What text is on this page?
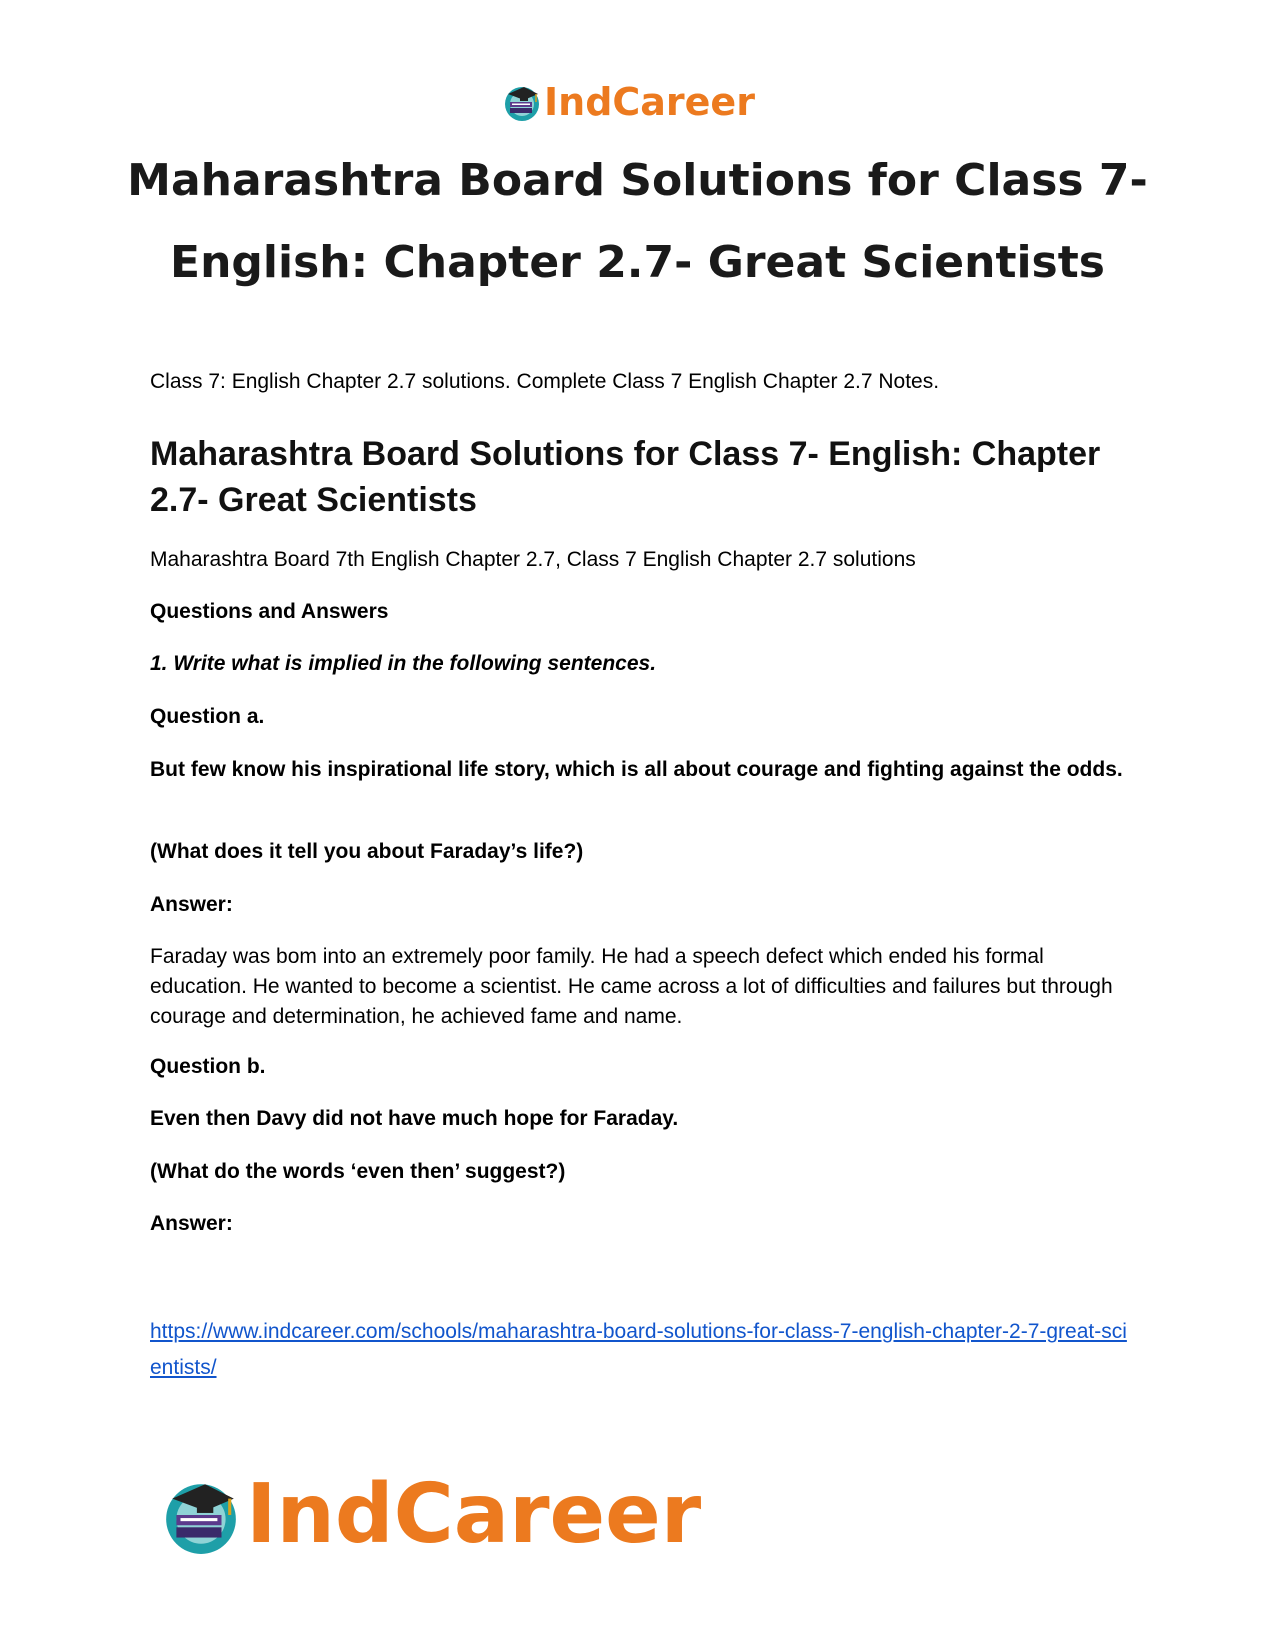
IndCareer
Maharashtra Board Solutions for Class 7- English: Chapter 2.7- Great Scientists

Class 7: English Chapter 2.7 solutions. Complete Class 7 English Chapter 2.7 Notes.

Maharashtra Board Solutions for Class 7- English: Chapter 2.7- Great Scientists

Maharashtra Board 7th English Chapter 2.7, Class 7 English Chapter 2.7 solutions

Questions and Answers

1. Write what is implied in the following sentences.

Question a.

But few know his inspirational life story, which is all about courage and fighting against the odds.

(What does it tell you about Faraday’s life?)

Answer:

Faraday was bom into an extremely poor family. He had a speech defect which ended his formal education. He wanted to become a scientist. He came across a lot of difficulties and failures but through courage and determination, he achieved fame and name.

Question b.

Even then Davy did not have much hope for Faraday.

(What do the words ‘even then’ suggest?)

Answer:

https://www.indcareer.com/schools/maharashtra-board-solutions-for-class-7-english-chapter-2-7-great-scientists/
IndCareer
